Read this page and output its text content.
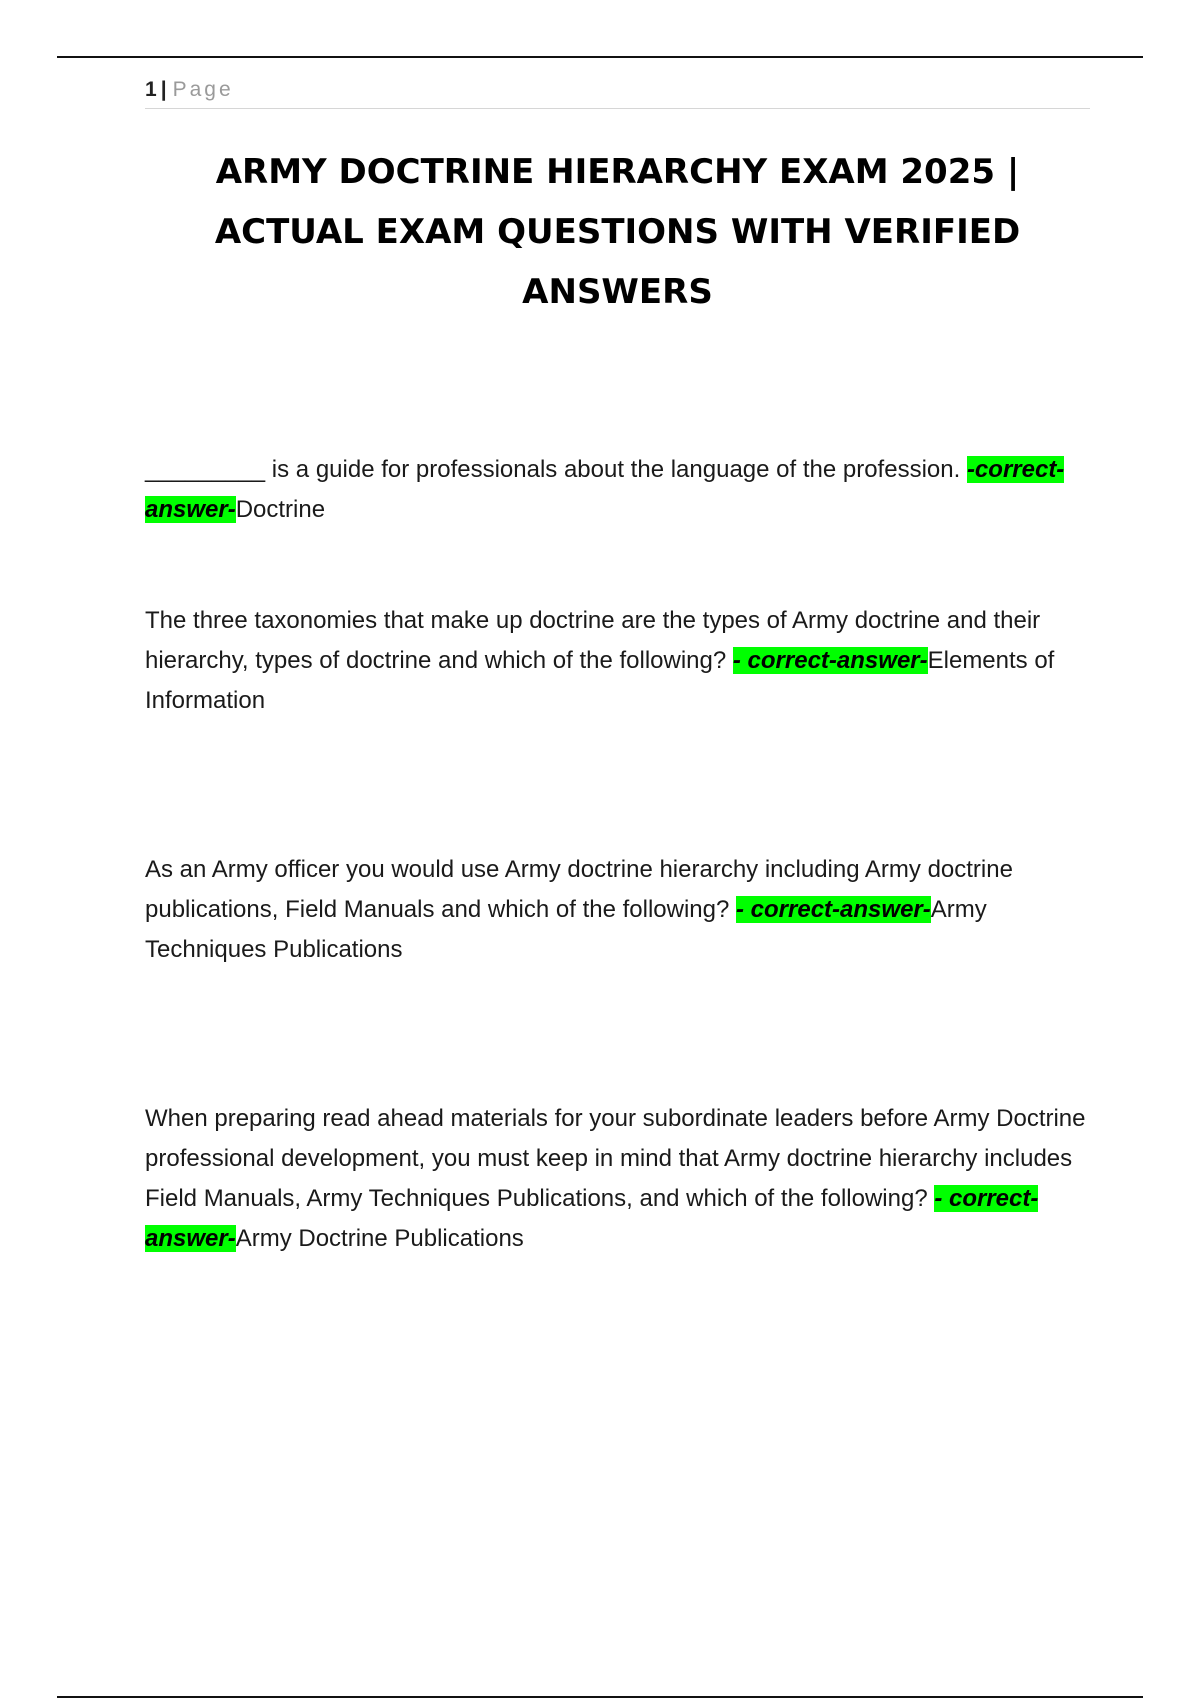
1 | Page
ARMY DOCTRINE HIERARCHY EXAM 2025 |
ACTUAL EXAM QUESTIONS WITH VERIFIED
ANSWERS

_________ is a guide for professionals about the language of the profession. -correct-answer-Doctrine

The three taxonomies that make up doctrine are the types of Army doctrine and their hierarchy, types of doctrine and which of the following? - correct-answer-Elements of Information

As an Army officer you would use Army doctrine hierarchy including Army doctrine publications, Field Manuals and which of the following? - correct-answer-Army Techniques Publications

When preparing read ahead materials for your subordinate leaders before Army Doctrine professional development, you must keep in mind that Army doctrine hierarchy includes Field Manuals, Army Techniques Publications, and which of the following? - correct-answer-Army Doctrine Publications
